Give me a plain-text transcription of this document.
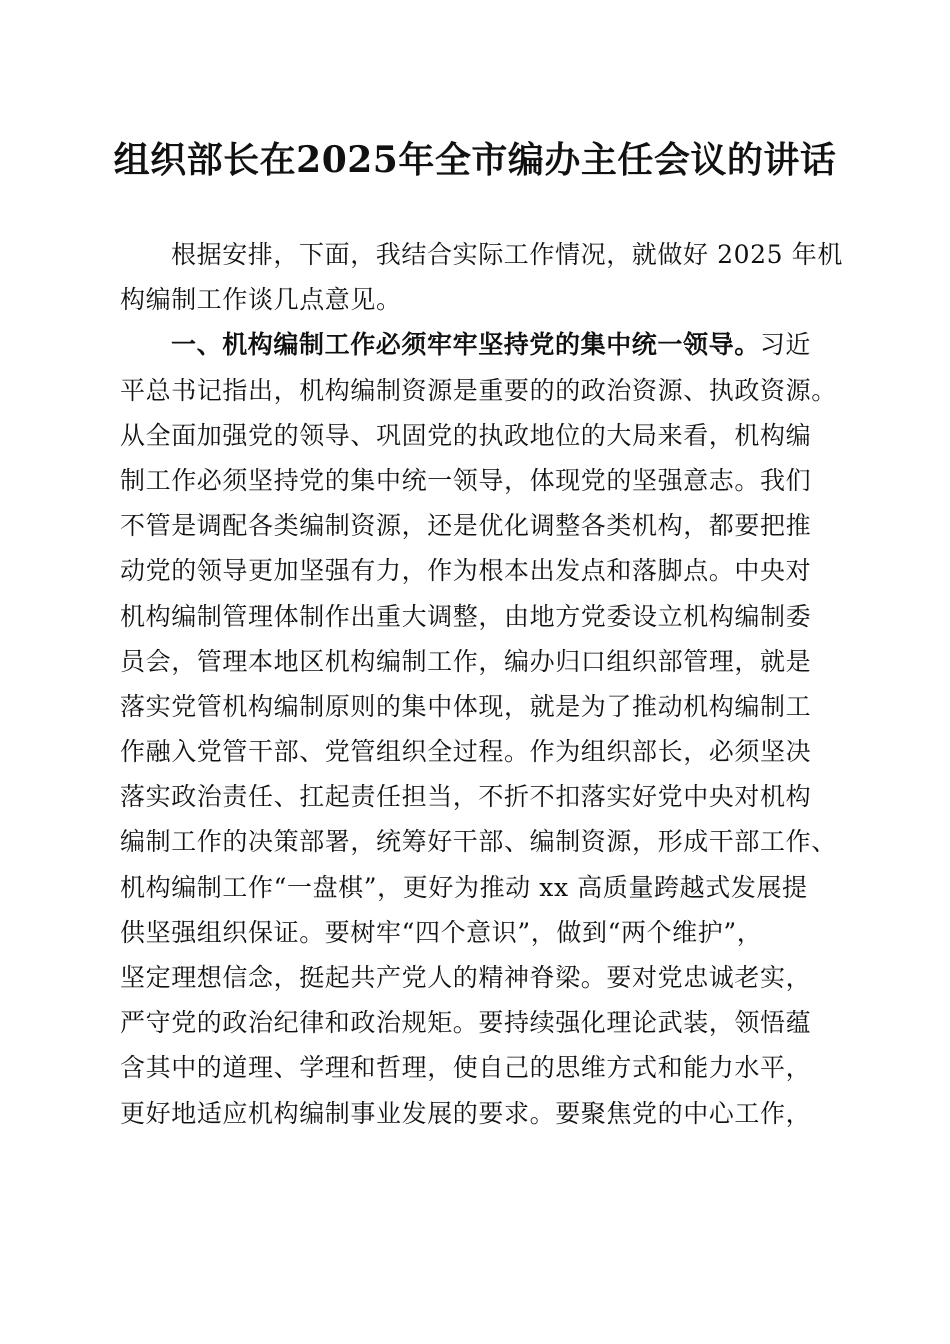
组织部长在2025年全市编办主任会议的讲话
根据安排，下面，我结合实际工作情况，就做好 2025 年机
构编制工作谈几点意见。
一、机构编制工作必须牢牢坚持党的集中统一领导。习近
平总书记指出，机构编制资源是重要的的政治资源、执政资源。
从全面加强党的领导、巩固党的执政地位的大局来看，机构编
制工作必须坚持党的集中统一领导，体现党的坚强意志。我们
不管是调配各类编制资源，还是优化调整各类机构，都要把推
动党的领导更加坚强有力，作为根本出发点和落脚点。中央对
机构编制管理体制作出重大调整，由地方党委设立机构编制委
员会，管理本地区机构编制工作，编办归口组织部管理，就是
落实党管机构编制原则的集中体现，就是为了推动机构编制工
作融入党管干部、党管组织全过程。作为组织部长，必须坚决
落实政治责任、扛起责任担当，不折不扣落实好党中央对机构
编制工作的决策部署，统筹好干部、编制资源，形成干部工作、
机构编制工作“一盘棋”，更好为推动 xx 高质量跨越式发展提
供坚强组织保证。要树牢“四个意识”，做到“两个维护”，
坚定理想信念，挺起共产党人的精神脊梁。要对党忠诚老实，
严守党的政治纪律和政治规矩。要持续强化理论武装，领悟蕴
含其中的道理、学理和哲理，使自己的思维方式和能力水平，
更好地适应机构编制事业发展的要求。要聚焦党的中心工作，
